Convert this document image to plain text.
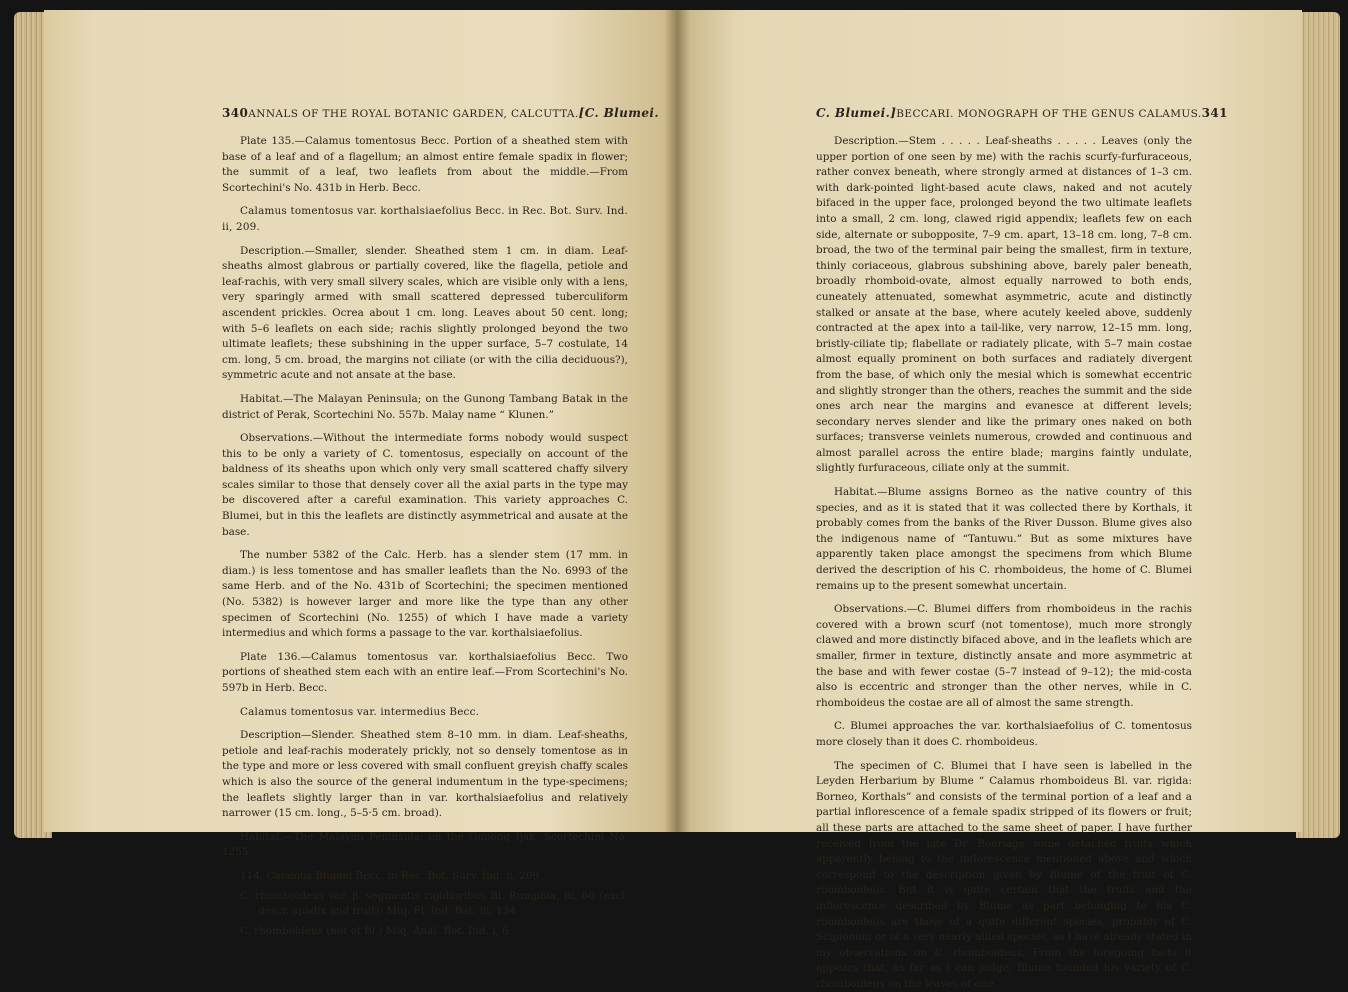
340 ANNALS OF THE ROYAL BOTANIC GARDEN, CALCUTTA. [C. Blumei.

Plate 135.—Calamus tomentosus Becc. Portion of a sheathed stem with base of a leaf and of a flagellum; an almost entire female spadix in flower; the summit of a leaf, two leaflets from about the middle.—From Scortechini's No. 431b in Herb. Becc.

Calamus tomentosus var. korthalsiaefolius Becc. in Rec. Bot. Surv. Ind. ii, 209.

Description.—Smaller, slender. Sheathed stem 1 cm. in diam. Leaf-sheaths almost glabrous or partially covered, like the flagella, petiole and leaf-rachis, with very small silvery scales, which are visible only with a lens, very sparingly armed with small scattered depressed tuberculiform ascendent prickles. Ocrea about 1 cm. long. Leaves about 50 cent. long; with 5–6 leaflets on each side; rachis slightly prolonged beyond the two ultimate leaflets; these subshining in the upper surface, 5–7 costulate, 14 cm. long, 5 cm. broad, the margins not ciliate (or with the cilia deciduous?), symmetric acute and not ansate at the base.

Habitat.—The Malayan Peninsula; on the Gunong Tambang Batak in the district of Perak, Scortechini No. 557b. Malay name “ Klunen.”

Observations.—Without the intermediate forms nobody would suspect this to be only a variety of C. tomentosus, especially on account of the baldness of its sheaths upon which only very small scattered chaffy silvery scales similar to those that densely cover all the axial parts in the type may be discovered after a careful examination. This variety approaches C. Blumei, but in this the leaflets are distinctly asymmetrical and ausate at the base.

The number 5382 of the Calc. Herb. has a slender stem (17 mm. in diam.) is less tomentose and has smaller leaflets than the No. 6993 of the same Herb. and of the No. 431b of Scortechini; the specimen mentioned (No. 5382) is however larger and more like the type than any other specimen of Scortechini (No. 1255) of which I have made a variety intermedius and which forms a passage to the var. korthalsiaefolius.

Plate 136.—Calamus tomentosus var. korthalsiaefolius Becc. Two portions of sheathed stem each with an entire leaf.—From Scortechini's No. 597b in Herb. Becc.

Calamus tomentosus var. intermedius Becc.

Description—Slender. Sheathed stem 8–10 mm. in diam. Leaf-sheaths, petiole and leaf-rachis moderately prickly, not so densely tomentose as in the type and more or less covered with small confluent greyish chaffy scales which is also the source of the general indumentum in the type-specimens; the leaflets slightly larger than in var. korthalsiaefolius and relatively narrower (15 cm. long., 5–5·5 cm. broad).

Habitat.—The Malayan Peninsula; on the Gunong Ijak, Scortechini No. 1255.

114. Calamus Blumei Becc. in Rec. Bot. Surv. Ind. ii, 209.

C. rhomboideus var. β. segmentis rigidioribus Bl. Rumphia, iii, 60 (excl. descr. spadix and fruit); Miq. Fl. Ind. Bat. iii, 134.

C. rhomboideus (not of Bl.) Miq. Anal. Bot. Ind. i, 6.

C. Blumei.] BECCARI. MONOGRAPH OF THE GENUS CALAMUS. 341

Description.—Stem . . . . . Leaf-sheaths . . . . . Leaves (only the upper portion of one seen by me) with the rachis scurfy-furfuraceous, rather convex beneath, where strongly armed at distances of 1–3 cm. with dark-pointed light-based acute claws, naked and not acutely bifaced in the upper face, prolonged beyond the two ultimate leaflets into a small, 2 cm. long, clawed rigid appendix; leaflets few on each side, alternate or subopposite, 7–9 cm. apart, 13–18 cm. long, 7–8 cm. broad, the two of the terminal pair being the smallest, firm in texture, thinly coriaceous, glabrous subshining above, barely paler beneath, broadly rhomboid-ovate, almost equally narrowed to both ends, cuneately attenuated, somewhat asymmetric, acute and distinctly stalked or ansate at the base, where acutely keeled above, suddenly contracted at the apex into a tail-like, very narrow, 12–15 mm. long, bristly-ciliate tip; flabellate or radiately plicate, with 5–7 main costae almost equally prominent on both surfaces and radiately divergent from the base, of which only the mesial which is somewhat eccentric and slightly stronger than the others, reaches the summit and the side ones arch near the margins and evanesce at different levels; secondary nerves slender and like the primary ones naked on both surfaces; transverse veinlets numerous, crowded and continuous and almost parallel across the entire blade; margins faintly undulate, slightly furfuraceous, ciliate only at the summit.

Habitat.—Blume assigns Borneo as the native country of this species, and as it is stated that it was collected there by Korthals, it probably comes from the banks of the River Dusson. Blume gives also the indigenous name of “Tantuwu.” But as some mixtures have apparently taken place amongst the specimens from which Blume derived the description of his C. rhomboideus, the home of C. Blumei remains up to the present somewhat uncertain.

Observations.—C. Blumei differs from rhomboideus in the rachis covered with a brown scurf (not tomentose), much more strongly clawed and more distinctly bifaced above, and in the leaflets which are smaller, firmer in texture, distinctly ansate and more asymmetric at the base and with fewer costae (5–7 instead of 9–12); the mid-costa also is eccentric and stronger than the other nerves, while in C. rhomboideus the costae are all of almost the same strength.

C. Blumei approaches the var. korthalsiaefolius of C. tomentosus more closely than it does C. rhomboideus.

The specimen of C. Blumei that I have seen is labelled in the Leyden Herbarium by Blume “ Calamus rhomboideus Bl. var. rigida: Borneo, Korthals” and consists of the terminal portion of a leaf and a partial inflorescence of a female spadix stripped of its flowers or fruit; all these parts are attached to the same sheet of paper. I have further received from the late Dr. Boerlage some detached fruits which apparently belong to the inflorescence mentioned above and which correspond to the description given by Blume of the fruit of C. rhomboideus. But it is quite certain that the fruits and the inflorescence described by Blume as part belonging to his C. rhomboideus are those of a quite different species, probably of C. Scipionum or of a very nearly allied species, as I have already stated in my observations on C. rhomboideus. From the foregoing facts it appears that, as far as I can judge, Blume founded his variety of C. rhomboideus on the leaves of one
